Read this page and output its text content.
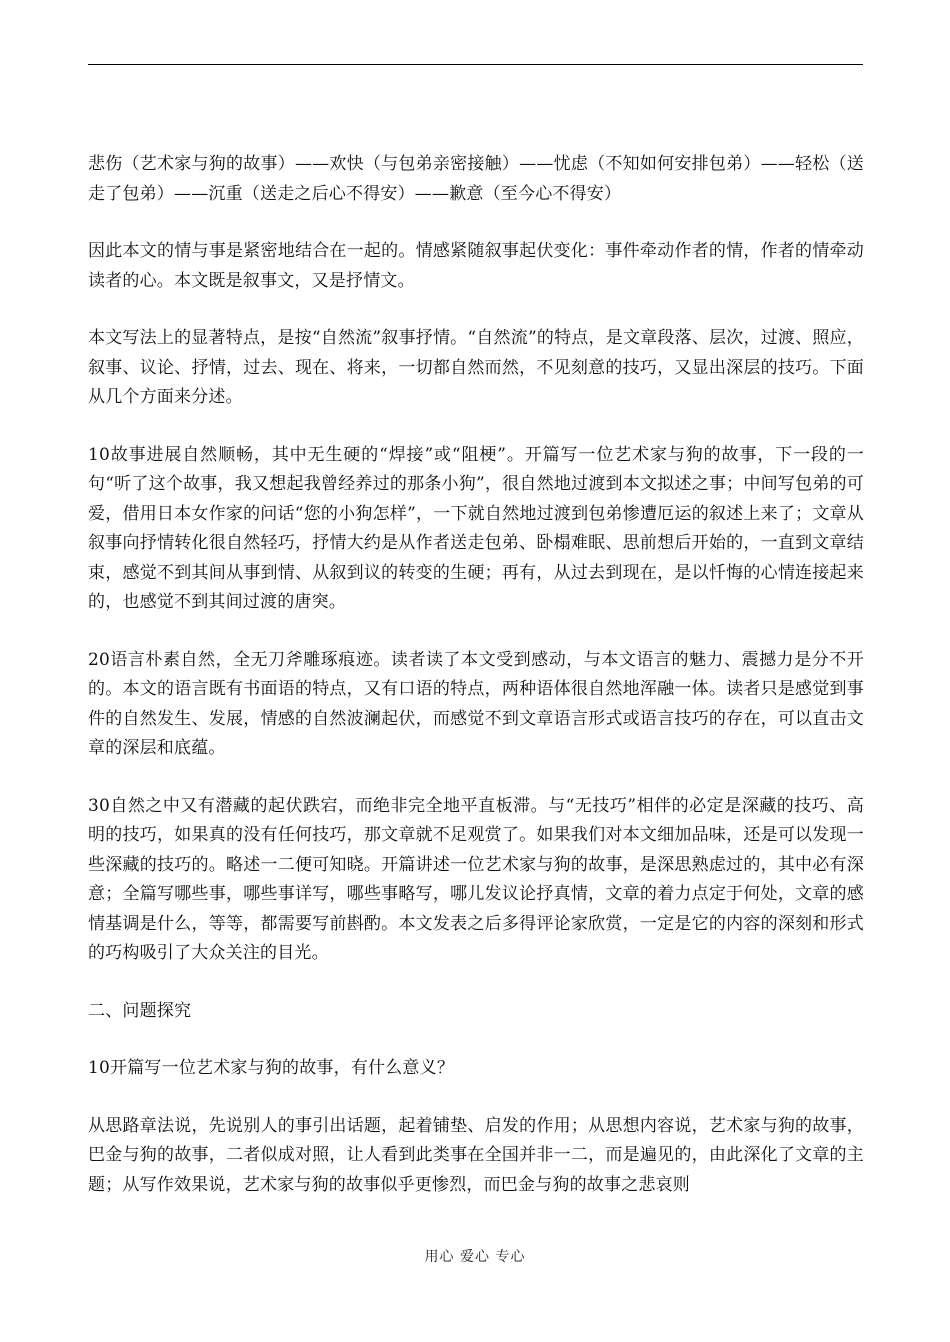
悲伤（艺术家与狗的故事）——欢快（与包弟亲密接触）——忧虑（不知如何安排包弟）——轻松（送走了包弟）——沉重（送走之后心不得安）——歉意（至今心不得安）

因此本文的情与事是紧密地结合在一起的。情感紧随叙事起伏变化：事件牵动作者的情，作者的情牵动读者的心。本文既是叙事文，又是抒情文。

本文写法上的显著特点，是按“自然流”叙事抒情。“自然流”的特点，是文章段落、层次，过渡、照应，叙事、议论、抒情，过去、现在、将来，一切都自然而然，不见刻意的技巧，又显出深层的技巧。下面从几个方面来分述。

10故事进展自然顺畅，其中无生硬的“焊接”或“阻梗”。开篇写一位艺术家与狗的故事，下一段的一句“听了这个故事，我又想起我曾经养过的那条小狗”，很自然地过渡到本文拟述之事；中间写包弟的可爱，借用日本女作家的问话“您的小狗怎样”，一下就自然地过渡到包弟惨遭厄运的叙述上来了；文章从叙事向抒情转化很自然轻巧，抒情大约是从作者送走包弟、卧榻难眠、思前想后开始的，一直到文章结束，感觉不到其间从事到情、从叙到议的转变的生硬；再有，从过去到现在，是以忏悔的心情连接起来的，也感觉不到其间过渡的唐突。

20语言朴素自然，全无刀斧雕琢痕迹。读者读了本文受到感动，与本文语言的魅力、震撼力是分不开的。本文的语言既有书面语的特点，又有口语的特点，两种语体很自然地浑融一体。读者只是感觉到事件的自然发生、发展，情感的自然波澜起伏，而感觉不到文章语言形式或语言技巧的存在，可以直击文章的深层和底蕴。

30自然之中又有潜藏的起伏跌宕，而绝非完全地平直板滞。与“无技巧”相伴的必定是深藏的技巧、高明的技巧，如果真的没有任何技巧，那文章就不足观赏了。如果我们对本文细加品味，还是可以发现一些深藏的技巧的。略述一二便可知晓。开篇讲述一位艺术家与狗的故事，是深思熟虑过的，其中必有深意；全篇写哪些事，哪些事详写，哪些事略写，哪儿发议论抒真情，文章的着力点定于何处，文章的感情基调是什么，等等，都需要写前斟酌。本文发表之后多得评论家欣赏，一定是它的内容的深刻和形式的巧构吸引了大众关注的目光。

二、问题探究

10开篇写一位艺术家与狗的故事，有什么意义？

从思路章法说，先说别人的事引出话题，起着铺垫、启发的作用；从思想内容说，艺术家与狗的故事，巴金与狗的故事，二者似成对照，让人看到此类事在全国并非一二，而是遍见的，由此深化了文章的主题；从写作效果说，艺术家与狗的故事似乎更惨烈，而巴金与狗的故事之悲哀则

用心 爱心 专心
